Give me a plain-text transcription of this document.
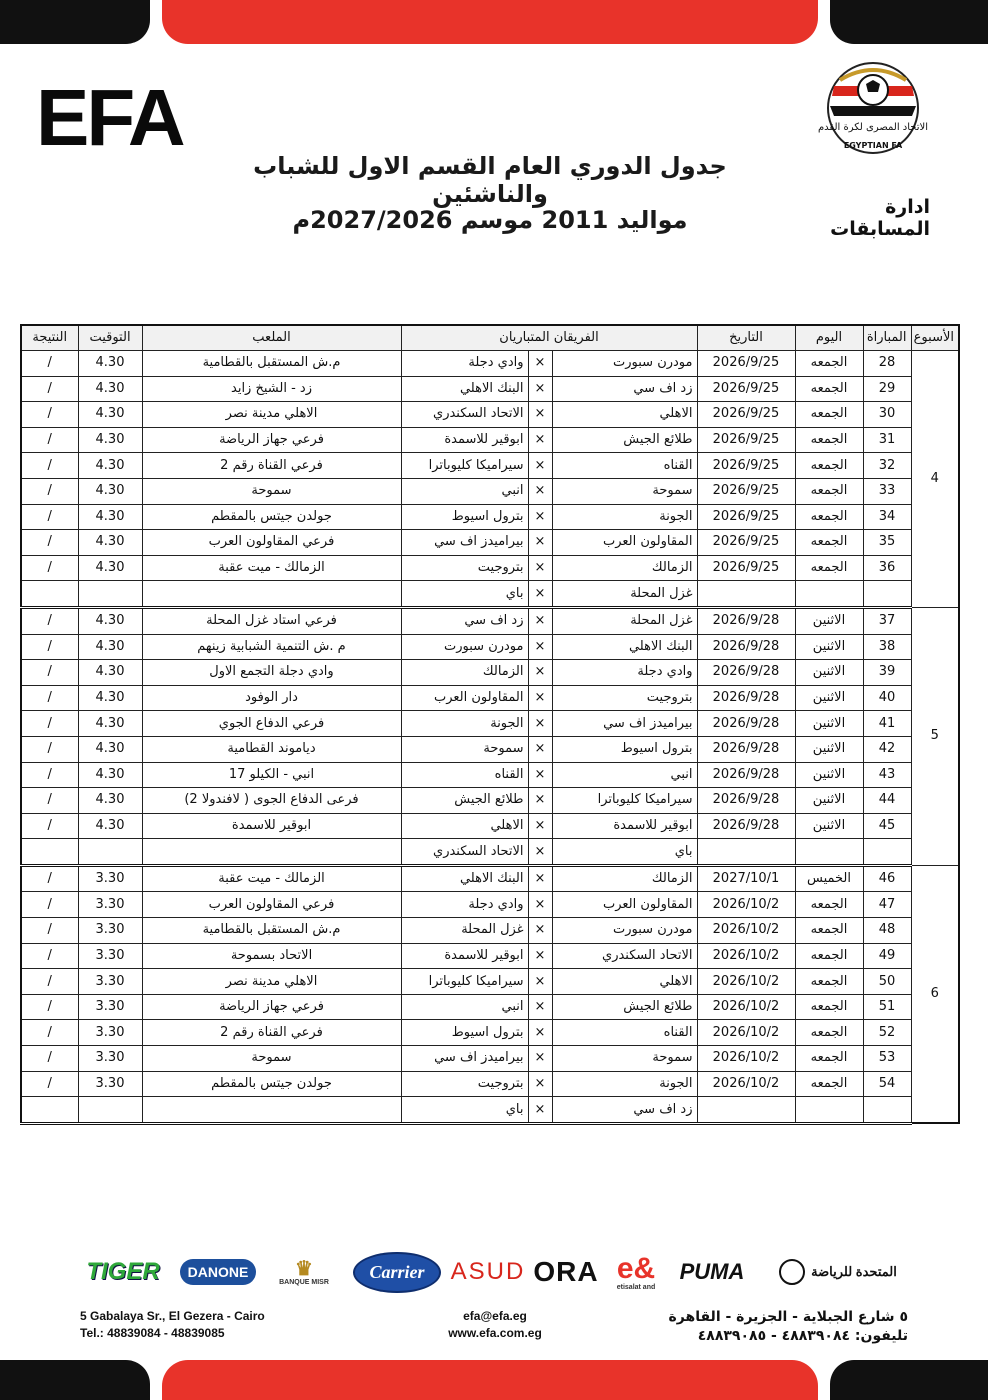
EFA	الاتحاد المصرى لكرة القدم
EGYPTIAN FA
جدول الدوري العام القسم الاول للشباب والناشئين
مواليد 2011 موسم 2027/2026م	ادارة المسابقات
الأسبوع	المباراة	اليوم	التاريخ	الفريقان المتباريان			الملعب	التوقيت	النتيجة
4	28	الجمعه	2026/9/25	مودرن سبورت	×	وادي دجلة	م.ش المستقبل بالقطامية	4.30	/
	29	الجمعه	2026/9/25	زد اف سي	×	البنك الاهلي	زد - الشيخ زايد	4.30	/
	30	الجمعه	2026/9/25	الاهلي	×	الاتحاد السكندري	الاهلي مدينة نصر	4.30	/
	31	الجمعه	2026/9/25	طلائع الجيش	×	ابوقير للاسمدة	فرعي جهاز الرياضة	4.30	/
	32	الجمعه	2026/9/25	القناه	×	سيراميكا كليوباترا	فرعي القناة رقم 2	4.30	/
	33	الجمعه	2026/9/25	سموحة	×	انبي	سموحة	4.30	/
	34	الجمعه	2026/9/25	الجونة	×	بترول اسيوط	جولدن جيتس بالمقطم	4.30	/
	35	الجمعه	2026/9/25	المقاولون العرب	×	بيراميدز اف سي	فرعي المقاولون العرب	4.30	/
	36	الجمعه	2026/9/25	الزمالك	×	بتروجيت	الزمالك - ميت عقبة	4.30	/
				غزل المحلة	×	باي			
5	37	الاثنين	2026/9/28	غزل المحلة	×	زد اف سي	فرعي استاد غزل المحلة	4.30	/
	38	الاثنين	2026/9/28	البنك الاهلي	×	مودرن سبورت	م .ش التنمية الشبابية زينهم	4.30	/
	39	الاثنين	2026/9/28	وادي دجلة	×	الزمالك	وادي دجلة التجمع الاول	4.30	/
	40	الاثنين	2026/9/28	بتروجيت	×	المقاولون العرب	دار الوفود	4.30	/
	41	الاثنين	2026/9/28	بيراميدز اف سي	×	الجونة	فرعي الدفاع الجوي	4.30	/
	42	الاثنين	2026/9/28	بترول اسيوط	×	سموحة	دياموند القطامية	4.30	/
	43	الاثنين	2026/9/28	انبي	×	القناه	انبي - الكيلو 17	4.30	/
	44	الاثنين	2026/9/28	سيراميكا كليوباترا	×	طلائع الجيش	فرعى الدفاع الجوى ( لافندولا 2)	4.30	/
	45	الاثنين	2026/9/28	ابوقير للاسمدة	×	الاهلي	ابوقير للاسمدة	4.30	/
				باي	×	الاتحاد السكندري			
6	46	الخميس	2027/10/1	الزمالك	×	البنك الاهلي	الزمالك - ميت عقبة	3.30	/
	47	الجمعه	2026/10/2	المقاولون العرب	×	وادي دجلة	فرعي المقاولون العرب	3.30	/
	48	الجمعه	2026/10/2	مودرن سبورت	×	غزل المحلة	م.ش المستقبل بالقطامية	3.30	/
	49	الجمعه	2026/10/2	الاتحاد السكندري	×	ابوقير للاسمدة	الاتحاد بسموحة	3.30	/
	50	الجمعه	2026/10/2	الاهلي	×	سيراميكا كليوباترا	الاهلي مدينة نصر	3.30	/
	51	الجمعه	2026/10/2	طلائع الجيش	×	انبي	فرعي جهاز الرياضة	3.30	/
	52	الجمعه	2026/10/2	القناه	×	بترول اسيوط	فرعي القناة رقم 2	3.30	/
	53	الجمعه	2026/10/2	سموحة	×	بيراميدز اف سي	سموحة	3.30	/
	54	الجمعه	2026/10/2	الجونة	×	بتروجيت	جولدن جيتس بالمقطم	3.30	/
				زد اف سي	×	باي			
TIGER	DANONE	♛
BANQUE MISR
Carrier	ASUD ORA e&
etisalat and
PUMA	المتحدة للرياضة
5 Gabalaya Sr., El Gezera - Cairo
Tel.: 48839084 - 48839085
efa@efa.eg
www.efa.com.eg
٥ شارع الجبلاية - الجزيرة - القاهرة
تليفون: ٤٨٨٣٩٠٨٤ - ٤٨٨٣٩٠٨٥
